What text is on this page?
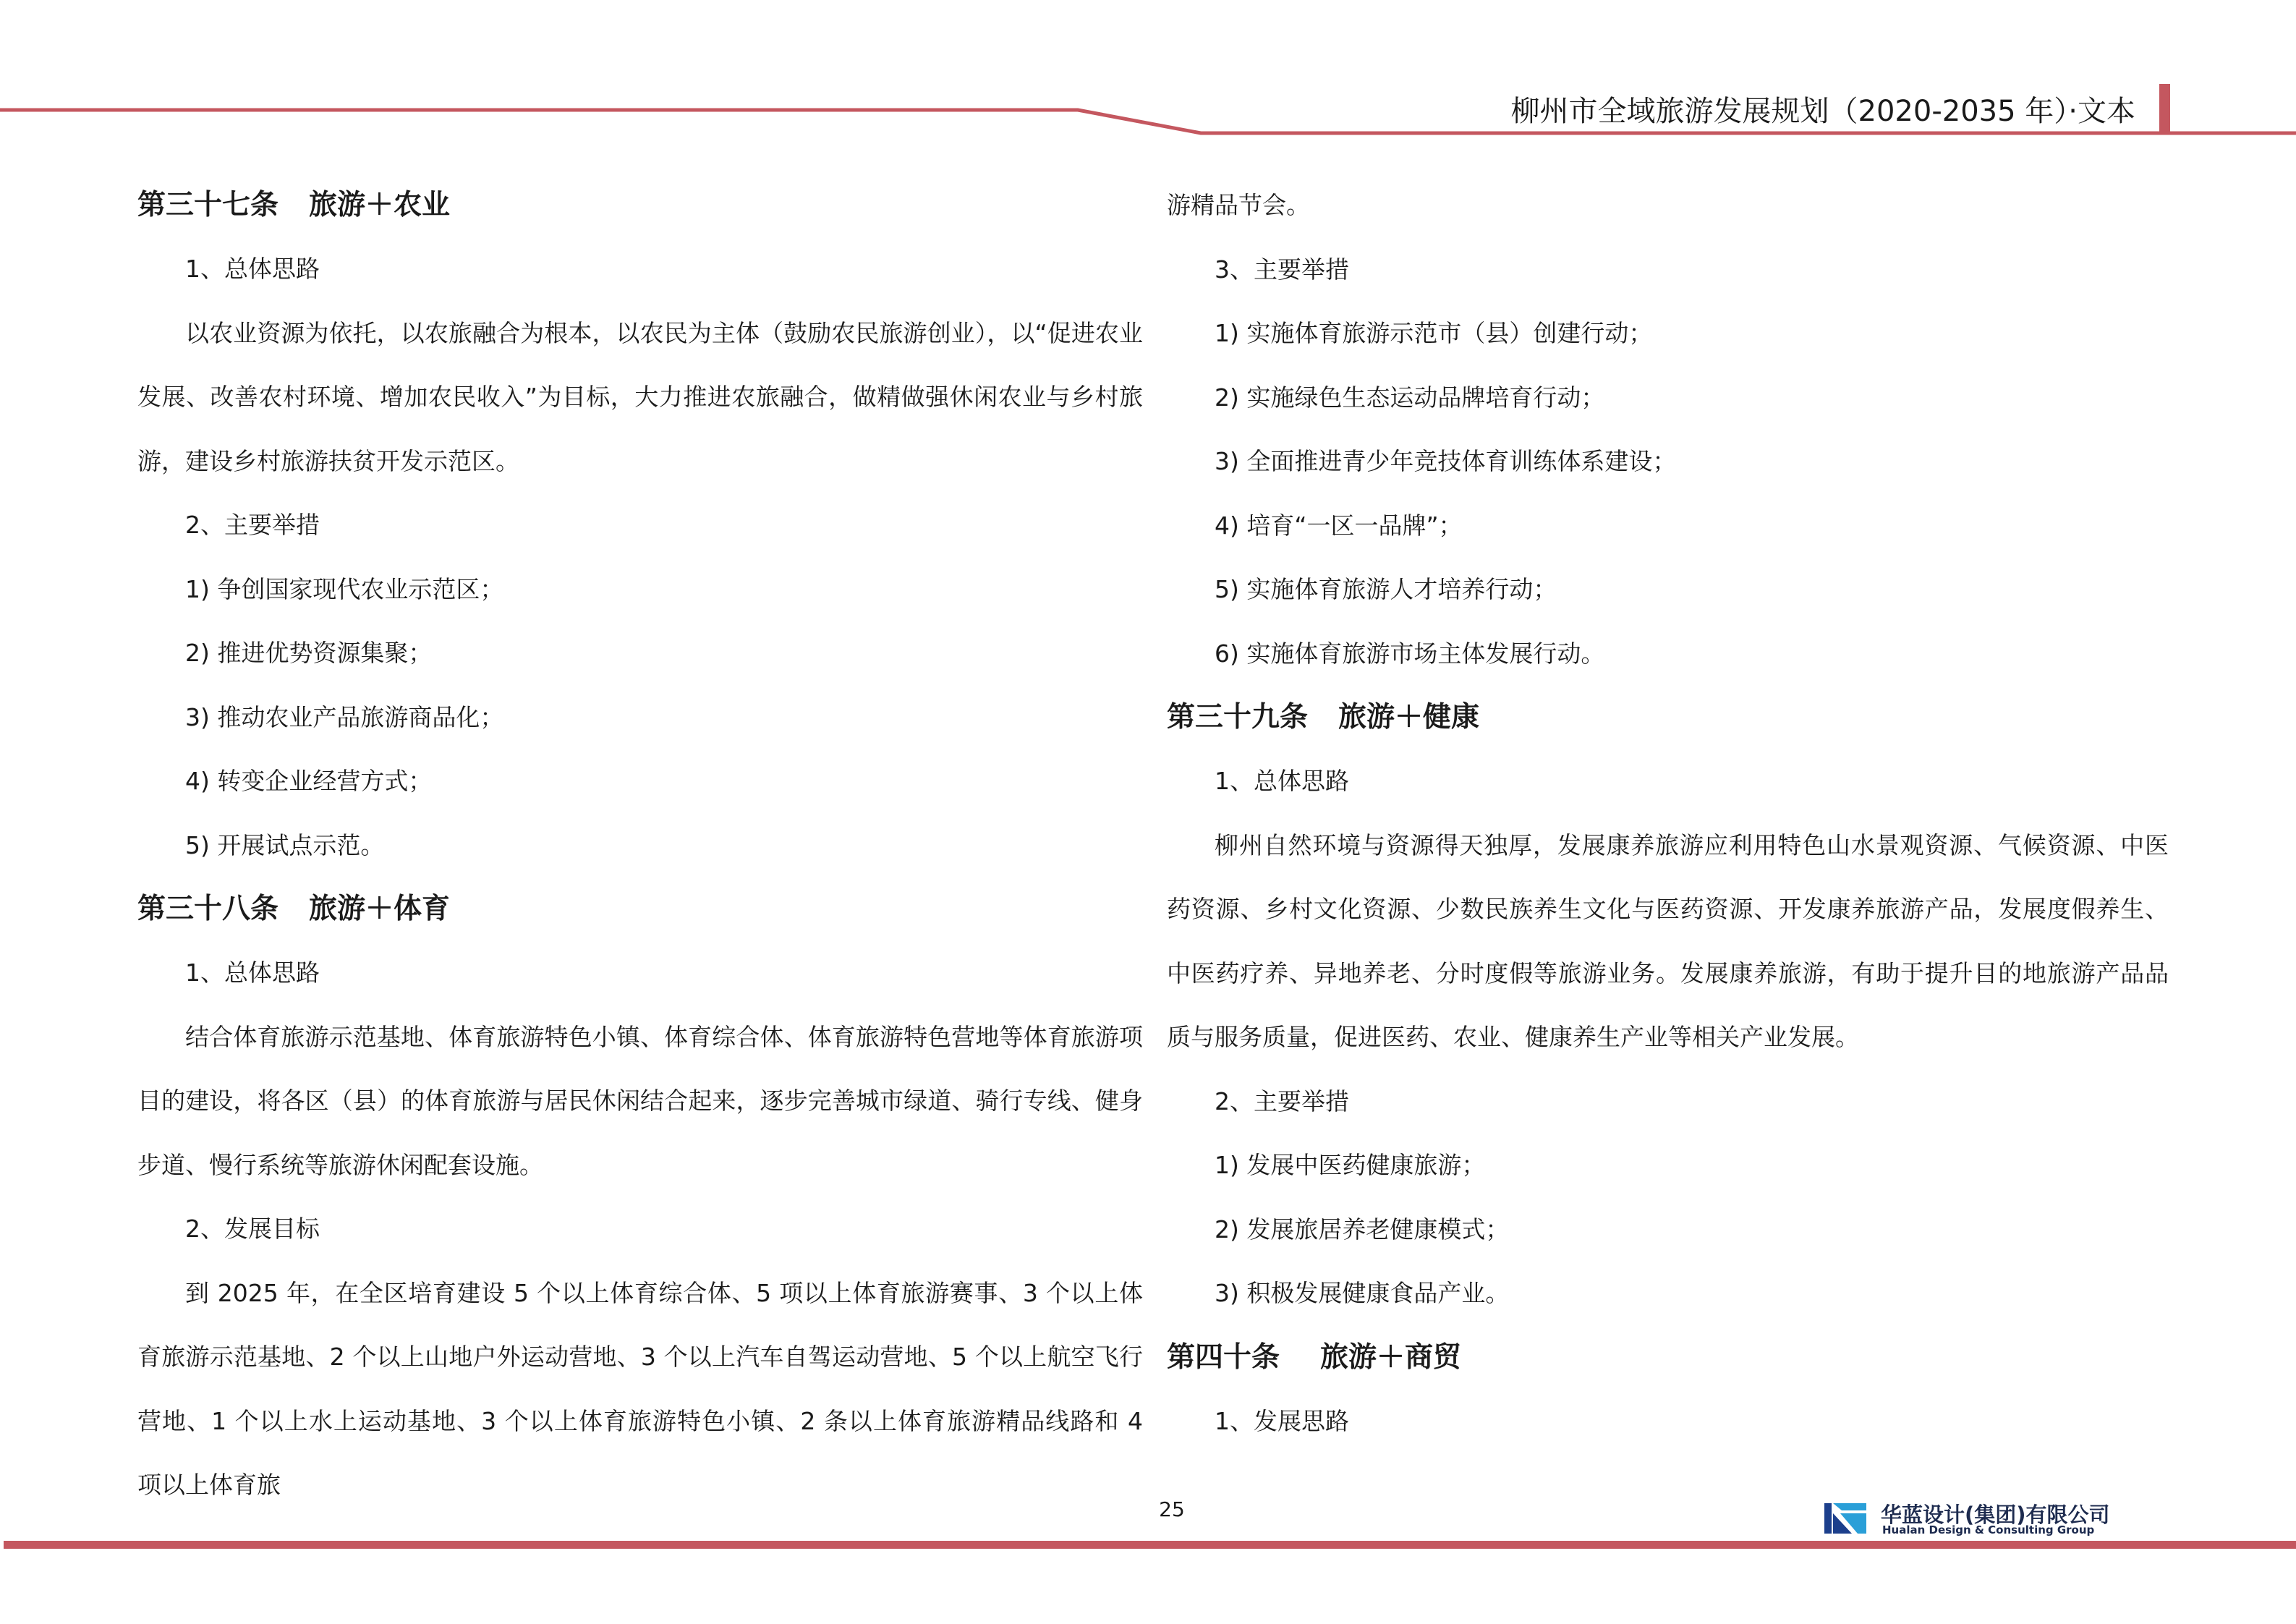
柳州市全域旅游发展规划（2020-2035 年）·文本
第三十七条 旅游＋农业

1、总体思路

以农业资源为依托，以农旅融合为根本，以农民为主体（鼓励农民旅游创业），以“促进农业发展、改善农村环境、增加农民收入”为目标，大力推进农旅融合，做精做强休闲农业与乡村旅游，建设乡村旅游扶贫开发示范区。

2、主要举措

1) 争创国家现代农业示范区；

2) 推进优势资源集聚；

3) 推动农业产品旅游商品化；

4) 转变企业经营方式；

5) 开展试点示范。

第三十八条 旅游＋体育

1、总体思路

结合体育旅游示范基地、体育旅游特色小镇、体育综合体、体育旅游特色营地等体育旅游项目的建设，将各区（县）的体育旅游与居民休闲结合起来，逐步完善城市绿道、骑行专线、健身步道、慢行系统等旅游休闲配套设施。

2、发展目标

到 2025 年，在全区培育建设 5 个以上体育综合体、5 项以上体育旅游赛事、3 个以上体育旅游示范基地、2 个以上山地户外运动营地、3 个以上汽车自驾运动营地、5 个以上航空飞行营地、1 个以上水上运动基地、3 个以上体育旅游特色小镇、2 条以上体育旅游精品线路和 4 项以上体育旅

游精品节会。

3、主要举措

1) 实施体育旅游示范市（县）创建行动；

2) 实施绿色生态运动品牌培育行动；

3) 全面推进青少年竞技体育训练体系建设；

4) 培育“一区一品牌”；

5) 实施体育旅游人才培养行动；

6) 实施体育旅游市场主体发展行动。

第三十九条 旅游＋健康

1、总体思路

柳州自然环境与资源得天独厚，发展康养旅游应利用特色山水景观资源、气候资源、中医药资源、乡村文化资源、少数民族养生文化与医药资源、开发康养旅游产品，发展度假养生、中医药疗养、异地养老、分时度假等旅游业务。发展康养旅游，有助于提升目的地旅游产品品质与服务质量，促进医药、农业、健康养生产业等相关产业发展。

2、主要举措

1) 发展中医药健康旅游；

2) 发展旅居养老健康模式；

3) 积极发展健康食品产业。

第四十条 旅游＋商贸

1、发展思路

25	华蓝设计(集团)有限公司
Hualan Design & Consulting Group
